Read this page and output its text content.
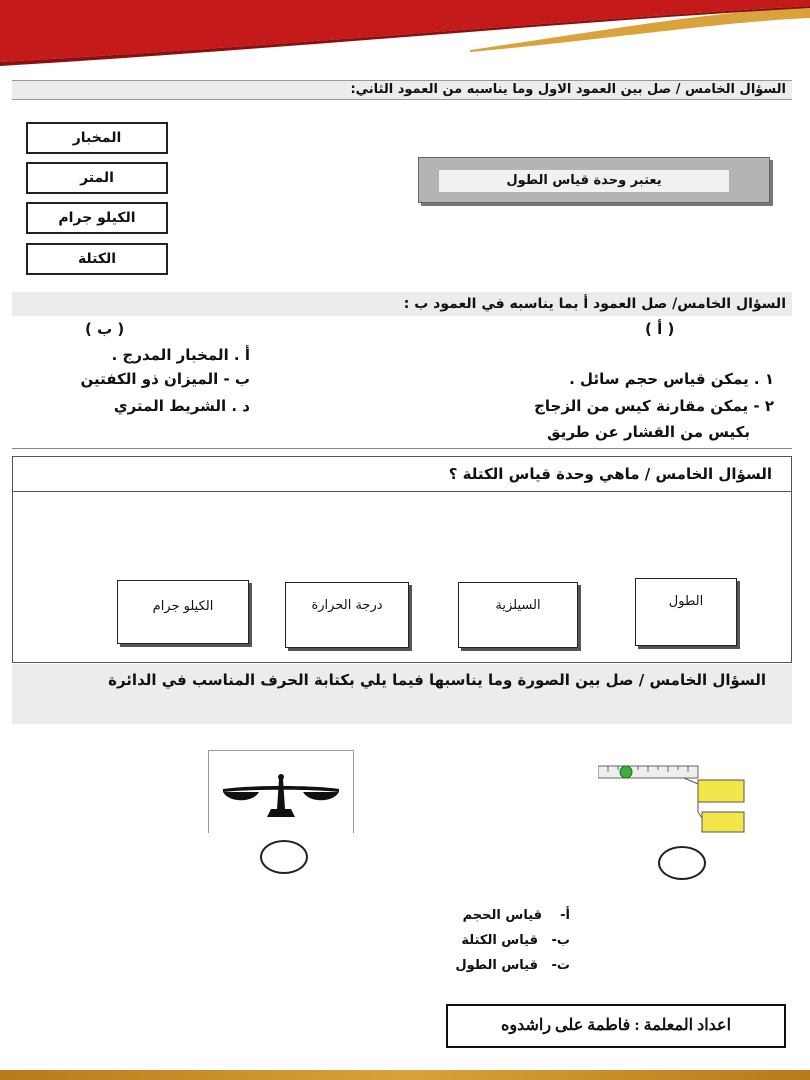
السؤال الخامس / صل بين العمود الاول وما يناسبه من العمود الثاني:
المخبار
المتر
الكيلو جرام
الكتلة
يعتبر وحدة قياس الطول
السؤال الخامس/ صل العمود أ بما يناسبه في العمود ب :
( ب )	( أ )
أ . المخبار المدرج .
ب - الميزان ذو الكفتين
د . الشريط المتري
١ . يمكن قياس حجم سائل .
٢ - يمكن مقارنة كيس من الزجاج
بكيس من القشار عن طريق
السؤال الخامس / ماهي وحدة قياس الكتلة ؟
الطول
السيلزية
درجة الحرارة
الكيلو جرام
السؤال الخامس / صل بين الصورة وما يناسبها فيما يلي بكتابة الحرف المناسب في الدائرة
أ-    قياس الحجم
ب-   قياس الكتلة
ت-   قياس الطول
اعداد المعلمة : فاطمة على راشدوه
